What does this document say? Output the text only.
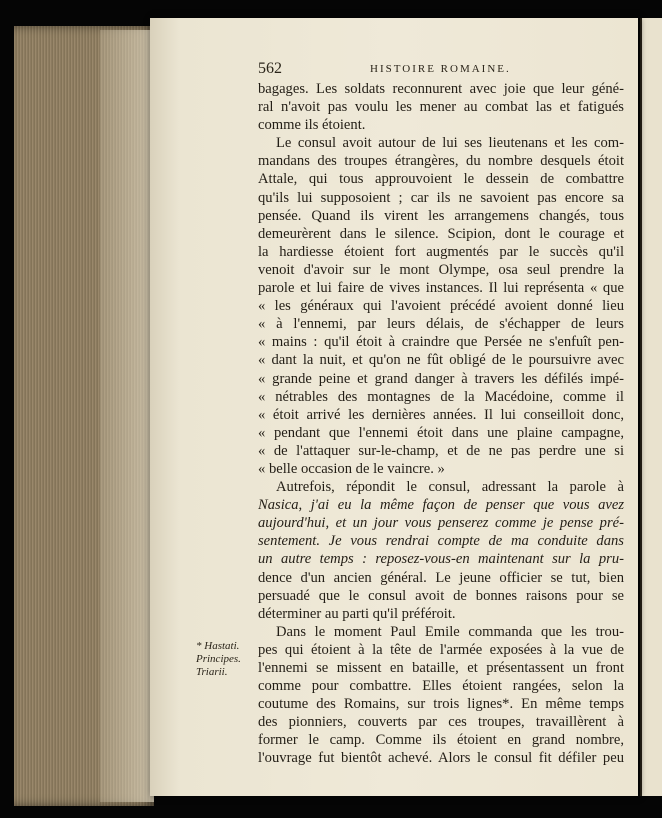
562	HISTOIRE ROMAINE.
bagages. Les soldats reconnurent avec joie que leur géné-
ral n'avoit pas voulu les mener au combat las et fatigués
comme ils étoient.
Le consul avoit autour de lui ses lieutenans et les com-
mandans des troupes étrangères, du nombre desquels étoit
Attale, qui tous approuvoient le dessein de combattre
qu'ils lui supposoient ; car ils ne savoient pas encore sa
pensée. Quand ils virent les arrangemens changés, tous
demeurèrent dans le silence. Scipion, dont le courage et
la hardiesse étoient fort augmentés par le succès qu'il
venoit d'avoir sur le mont Olympe, osa seul prendre la
parole et lui faire de vives instances. Il lui représenta « que
« les généraux qui l'avoient précédé avoient donné lieu
« à l'ennemi, par leurs délais, de s'échapper de leurs
« mains : qu'il étoit à craindre que Persée ne s'enfuît pen-
« dant la nuit, et qu'on ne fût obligé de le poursuivre avec
« grande peine et grand danger à travers les défilés impé-
« nétrables des montagnes de la Macédoine, comme il
« étoit arrivé les dernières années. Il lui conseilloit donc,
« pendant que l'ennemi étoit dans une plaine campagne,
« de l'attaquer sur-le-champ, et de ne pas perdre une si
« belle occasion de le vaincre. »
Autrefois, répondit le consul, adressant la parole à
Nasica, j'ai eu la même façon de penser que vous avez
aujourd'hui, et un jour vous penserez comme je pense pré-
sentement. Je vous rendrai compte de ma conduite dans
un autre temps : reposez-vous-en maintenant sur la pru-
dence d'un ancien général. Le jeune officier se tut, bien
persuadé que le consul avoit de bonnes raisons pour se
déterminer au parti qu'il préféroit.
Dans le moment Paul Emile commanda que les trou-
pes qui étoient à la tête de l'armée exposées à la vue de
l'ennemi se missent en bataille, et présentassent un front
comme pour combattre. Elles étoient rangées, selon la
coutume des Romains, sur trois lignes*. En même temps
des pionniers, couverts par ces troupes, travaillèrent à
former le camp. Comme ils étoient en grand nombre,
l'ouvrage fut bientôt achevé. Alors le consul fit défiler peu
* Hastati.
Principes.
Triarii.
